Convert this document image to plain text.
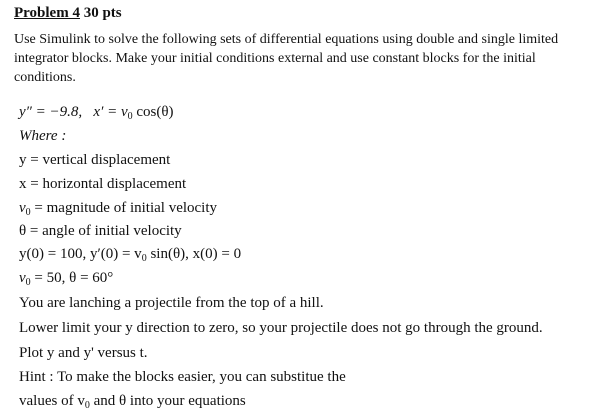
Problem 4 30 pts
Use Simulink to solve the following sets of differential equations using double and single limited integrator blocks. Make your initial conditions external and use constant blocks for the initial conditions.
y″ = −9.8, $x' = v_0$ cos(θ)
Where :
y = vertical displacement
x = horizontal displacement
$v_0$ = magnitude of initial velocity
θ = angle of initial velocity
y(0) = 100, $y'(0) = v_0$ sin(θ), x(0) = 0
$v_0 = 50$, θ = 60°
You are lanching a projectile from the top of a hill.
Lower limit your y direction to zero, so your projectile does not go through the ground.
Plot y and y' versus t.
Hint : To make the blocks easier, you can substitue the
values of $v_0$ and θ into your equations
